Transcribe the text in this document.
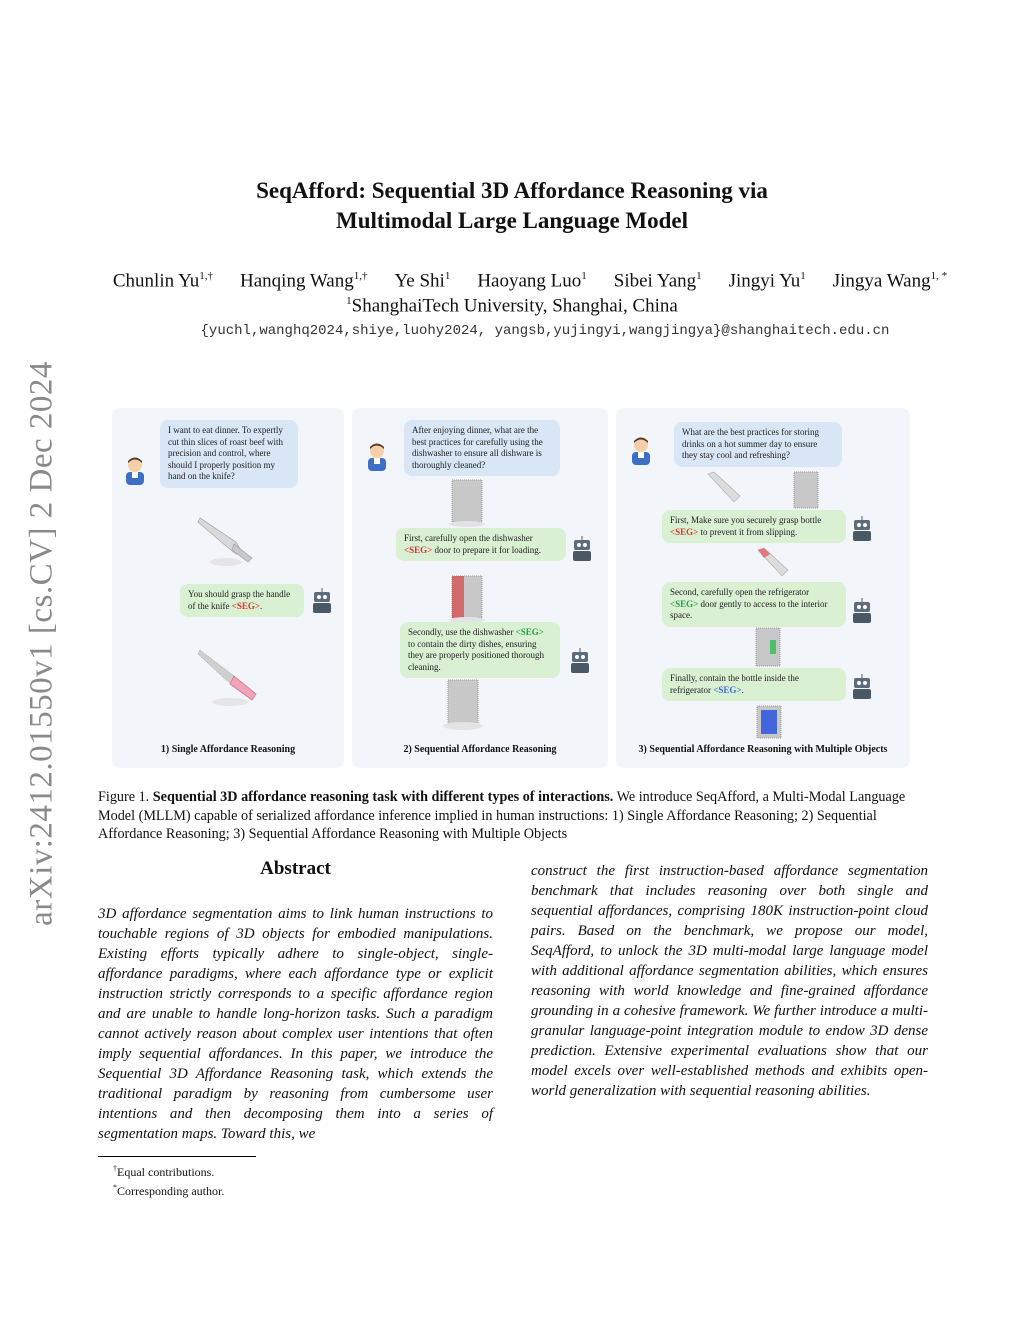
arXiv:2412.01550v1 [cs.CV] 2 Dec 2024
SeqAfford: Sequential 3D Affordance Reasoning via
Multimodal Large Language Model
Chunlin $Yu^{1,\dagger}$ Hanqing Wang$^{1,\dagger}$ Ye Shi$^1$ Haoyang Luo$^1$ Sibei Yang$^1$ Jingyi Yu$^1$ Jingya Wang$^{1, *}$
$^1$ShanghaiTech University, Shanghai, China
{yuchl,wanghq2024,shiye,luohy2024, yangsb,yujingyi,wangjingya}@shanghaitech.edu.cn
I want to eat dinner. To expertly cut thin slices of roast beef with precision and control, where should I properly position my hand on the knife?
You should grasp the handle of the knife <SEG>.
1) Single Affordance Reasoning
After enjoying dinner, what are the best practices for carefully using the dishwasher to ensure all dishware is thoroughly cleaned?
First, carefully open the dishwasher <SEG> door to prepare it for loading.
Secondly, use the dishwasher <SEG> to contain the dirty dishes, ensuring they are properly positioned thorough cleaning.
2) Sequential Affordance Reasoning
What are the best practices for storing drinks on a hot summer day to ensure they stay cool and refreshing?
First, Make sure you securely grasp bottle <SEG> to prevent it from slipping.
Second, carefully open the refrigerator <SEG> door gently to access to the interior space.
Finally, contain the bottle inside the refrigerator <SEG>.
3) Sequential Affordance Reasoning with Multiple Objects
Figure 1. Sequential 3D affordance reasoning task with different types of interactions. We introduce SeqAfford, a Multi-Modal Language Model (MLLM) capable of serialized affordance inference implied in human instructions: 1) Single Affordance Reasoning; 2) Sequential Affordance Reasoning; 3) Sequential Affordance Reasoning with Multiple Objects
Abstract
3D affordance segmentation aims to link human instructions to touchable regions of 3D objects for embodied manipulations. Existing efforts typically adhere to single-object, single-affordance paradigms, where each affordance type or explicit instruction strictly corresponds to a specific affordance region and are unable to handle long-horizon tasks. Such a paradigm cannot actively reason about complex user intentions that often imply sequential affordances. In this paper, we introduce the Sequential 3D Affordance Reasoning task, which extends the traditional paradigm by reasoning from cumbersome user intentions and then decomposing them into a series of segmentation maps. Toward this, we
construct the first instruction-based affordance segmentation benchmark that includes reasoning over both single and sequential affordances, comprising 180K instruction-point cloud pairs. Based on the benchmark, we propose our model, SeqAfford, to unlock the 3D multi-modal large language model with additional affordance segmentation abilities, which ensures reasoning with world knowledge and fine-grained affordance grounding in a cohesive framework. We further introduce a multi-granular language-point integration module to endow 3D dense prediction. Extensive experimental evaluations show that our model excels over well-established methods and exhibits open-world generalization with sequential reasoning abilities.
†Equal contributions.
*Corresponding author.
